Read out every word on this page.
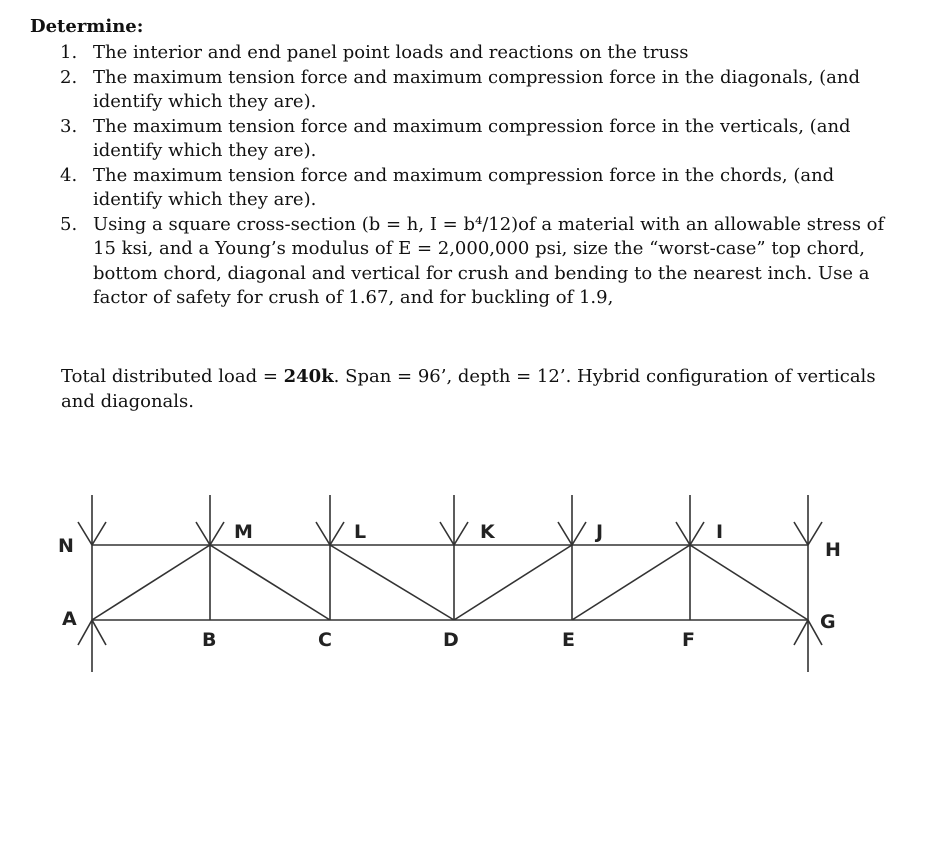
Determine:
1. The interior and end panel point loads and reactions on the truss
2. The maximum tension force and maximum compression force in the diagonals, (and identify which they are).
3. The maximum tension force and maximum compression force in the verticals, (and identify which they are).
4. The maximum tension force and maximum compression force in the chords, (and identify which they are).
5. Using a square cross-section (b = h, I = b⁴/12)of a material with an allowable stress of 15 ksi, and a Young’s modulus of E = 2,000,000 psi, size the “worst-case” top chord, bottom chord, diagonal and vertical for crush and bending to the nearest inch. Use a factor of safety for crush of 1.67, and for buckling of 1.9,
Total distributed load = 240k. Span = 96’, depth = 12’. Hybrid configuration of verticals and diagonals.
N
M	L	K	J	I
H
A
B	C	D	E	F
G
